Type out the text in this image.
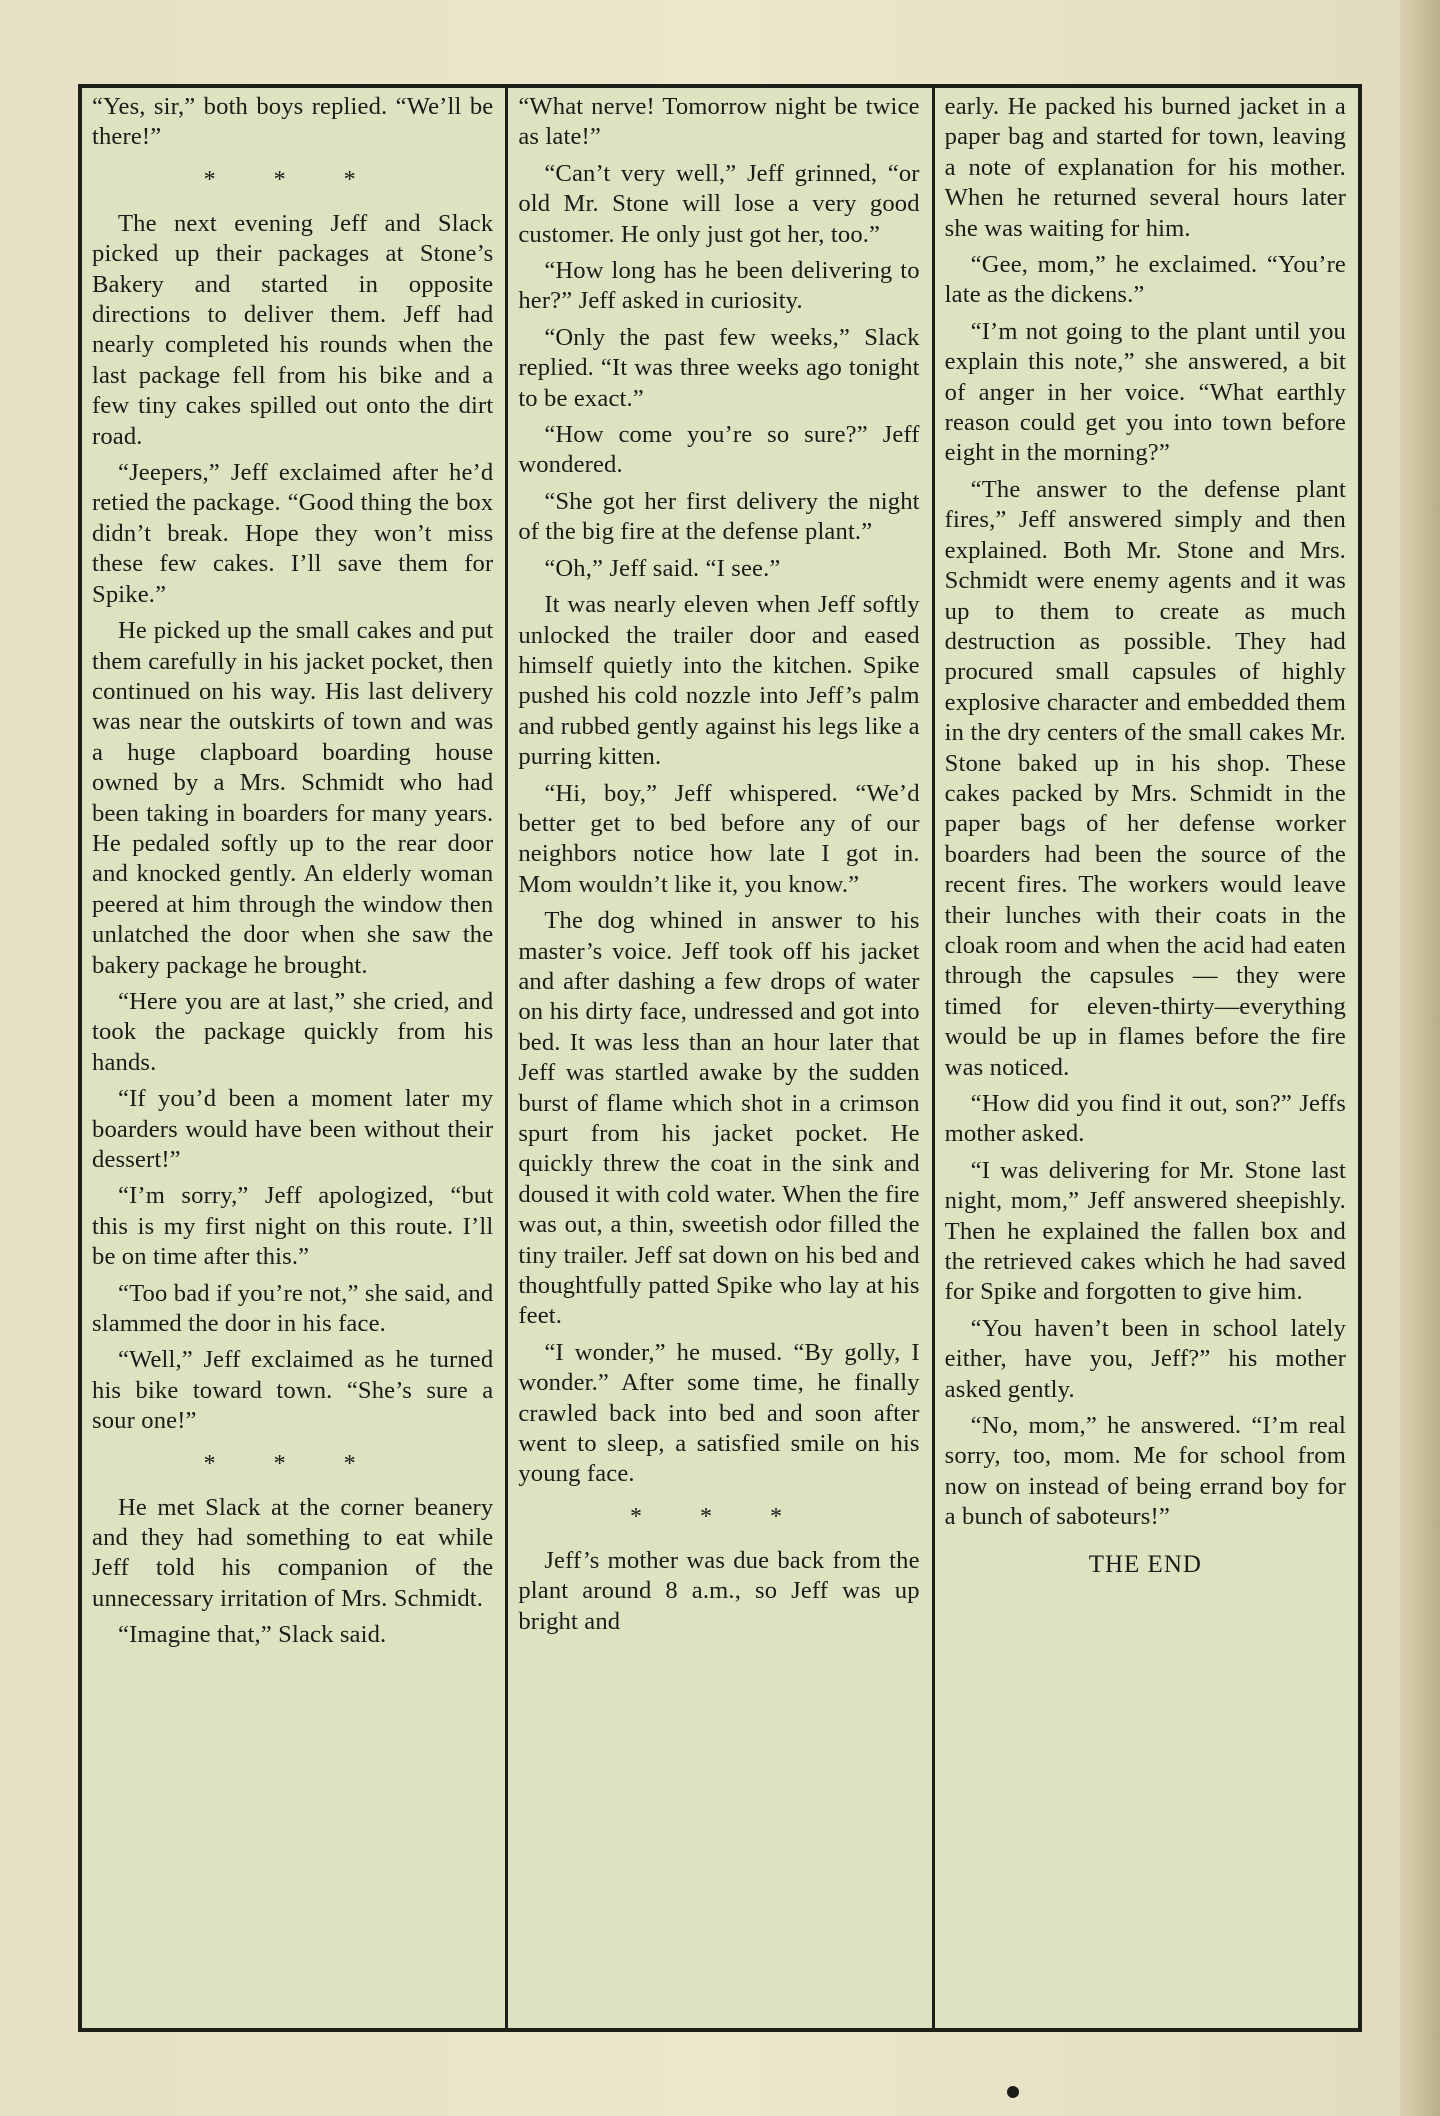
“Yes, sir,” both boys replied. “We’ll be there!”

* * *

The next evening Jeff and Slack picked up their packages at Stone’s Bakery and started in opposite directions to deliver them. Jeff had nearly completed his rounds when the last package fell from his bike and a few tiny cakes spilled out onto the dirt road.

“Jeepers,” Jeff exclaimed after he’d retied the package. “Good thing the box didn’t break. Hope they won’t miss these few cakes. I’ll save them for Spike.”

He picked up the small cakes and put them carefully in his jacket pocket, then continued on his way. His last delivery was near the outskirts of town and was a huge clapboard boarding house owned by a Mrs. Schmidt who had been taking in boarders for many years. He pedaled softly up to the rear door and knocked gently. An elderly woman peered at him through the window then unlatched the door when she saw the bakery package he brought.

“Here you are at last,” she cried, and took the package quickly from his hands.

“If you’d been a moment later my boarders would have been without their dessert!”

“I’m sorry,” Jeff apologized, “but this is my first night on this route. I’ll be on time after this.”

“Too bad if you’re not,” she said, and slammed the door in his face.

“Well,” Jeff exclaimed as he turned his bike toward town. “She’s sure a sour one!”

* * *

He met Slack at the corner beanery and they had something to eat while Jeff told his companion of the unnecessary irritation of Mrs. Schmidt.

“Imagine that,” Slack said.

“What nerve! Tomorrow night be twice as late!”

“Can’t very well,” Jeff grinned, “or old Mr. Stone will lose a very good customer. He only just got her, too.”

“How long has he been delivering to her?” Jeff asked in curiosity.

“Only the past few weeks,” Slack replied. “It was three weeks ago tonight to be exact.”

“How come you’re so sure?” Jeff wondered.

“She got her first delivery the night of the big fire at the defense plant.”

“Oh,” Jeff said. “I see.”

It was nearly eleven when Jeff softly unlocked the trailer door and eased himself quietly into the kitchen. Spike pushed his cold nozzle into Jeff’s palm and rubbed gently against his legs like a purring kitten.

“Hi, boy,” Jeff whispered. “We’d better get to bed before any of our neighbors notice how late I got in. Mom wouldn’t like it, you know.”

The dog whined in answer to his master’s voice. Jeff took off his jacket and after dashing a few drops of water on his dirty face, undressed and got into bed. It was less than an hour later that Jeff was startled awake by the sudden burst of flame which shot in a crimson spurt from his jacket pocket. He quickly threw the coat in the sink and doused it with cold water. When the fire was out, a thin, sweetish odor filled the tiny trailer. Jeff sat down on his bed and thoughtfully patted Spike who lay at his feet.

“I wonder,” he mused. “By golly, I wonder.” After some time, he finally crawled back into bed and soon after went to sleep, a satisfied smile on his young face.

* * *

Jeff’s mother was due back from the plant around 8 a.m., so Jeff was up bright and

early. He packed his burned jacket in a paper bag and started for town, leaving a note of explanation for his mother. When he returned several hours later she was waiting for him.

“Gee, mom,” he exclaimed. “You’re late as the dickens.”

“I’m not going to the plant until you explain this note,” she answered, a bit of anger in her voice. “What earthly reason could get you into town before eight in the morning?”

“The answer to the defense plant fires,” Jeff answered simply and then explained. Both Mr. Stone and Mrs. Schmidt were enemy agents and it was up to them to create as much destruction as possible. They had procured small capsules of highly explosive character and embedded them in the dry centers of the small cakes Mr. Stone baked up in his shop. These cakes packed by Mrs. Schmidt in the paper bags of her defense worker boarders had been the source of the recent fires. The workers would leave their lunches with their coats in the cloak room and when the acid had eaten through the capsules — they were timed for eleven-thirty—everything would be up in flames before the fire was noticed.

“How did you find it out, son?” Jeffs mother asked.

“I was delivering for Mr. Stone last night, mom,” Jeff answered sheepishly. Then he explained the fallen box and the retrieved cakes which he had saved for Spike and forgotten to give him.

“You haven’t been in school lately either, have you, Jeff?” his mother asked gently.

“No, mom,” he answered. “I’m real sorry, too, mom. Me for school from now on instead of being errand boy for a bunch of saboteurs!”

THE END
